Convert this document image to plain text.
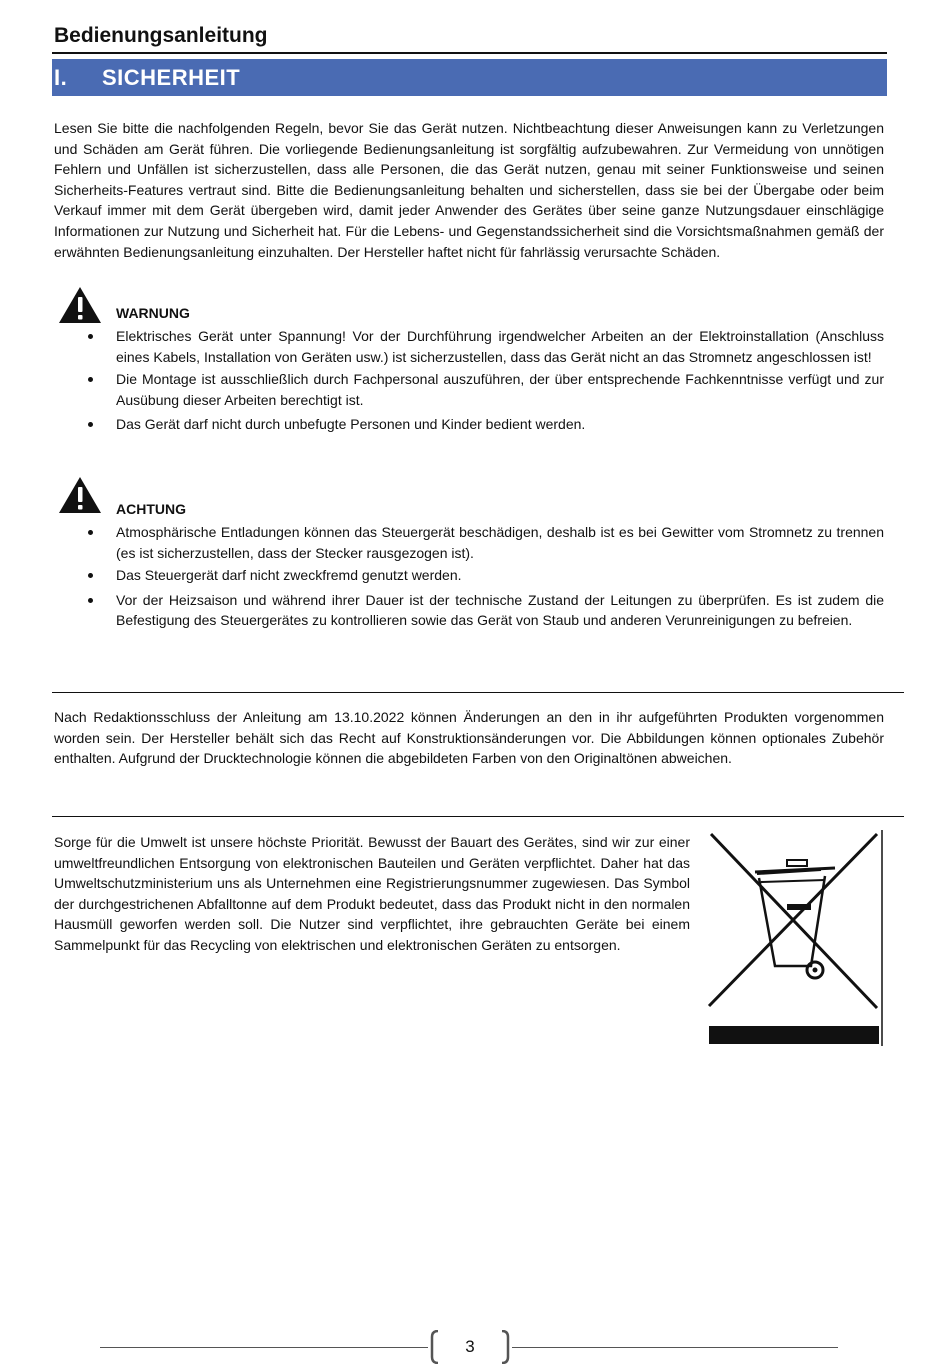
Bedienungsanleitung
I.	SICHERHEIT

Lesen Sie bitte die nachfolgenden Regeln, bevor Sie das Gerät nutzen. Nichtbeachtung dieser Anweisungen kann zu Verletzungen und Schäden am Gerät führen. Die vorliegende Bedienungsanleitung ist sorgfältig aufzubewahren. Zur Vermeidung von unnötigen Fehlern und Unfällen ist sicherzustellen, dass alle Personen, die das Gerät nutzen, genau mit seiner Funktionsweise und seinen Sicherheits-Features vertraut sind. Bitte die Bedienungsanleitung behalten und sicherstellen, dass sie bei der Übergabe oder beim Verkauf immer mit dem Gerät übergeben wird, damit jeder Anwender des Gerätes über seine ganze Nutzungsdauer einschlägige Informationen zur Nutzung und Sicherheit hat. Für die Lebens- und Gegenstandssicherheit sind die Vorsichtsmaßnahmen gemäß der erwähnten Bedienungsanleitung einzuhalten. Der Hersteller haftet nicht für fahrlässig verursachte Schäden.

WARNUNG
Elektrisches Gerät unter Spannung! Vor der Durchführung irgendwelcher Arbeiten an der Elektroinstallation (Anschluss eines Kabels, Installation von Geräten usw.) ist sicherzustellen, dass das Gerät nicht an das Stromnetz angeschlossen ist!
Die Montage ist ausschließlich durch Fachpersonal auszuführen, der über entsprechende Fachkenntnisse verfügt und zur Ausübung dieser Arbeiten berechtigt ist.
Das Gerät darf nicht durch unbefugte Personen und Kinder bedient werden.
ACHTUNG
Atmosphärische Entladungen können das Steuergerät beschädigen, deshalb ist es bei Gewitter vom Stromnetz zu trennen (es ist sicherzustellen, dass der Stecker rausgezogen ist).
Das Steuergerät darf nicht zweckfremd genutzt werden.
Vor der Heizsaison und während ihrer Dauer ist der technische Zustand der Leitungen zu überprüfen. Es ist zudem die Befestigung des Steuergerätes zu kontrollieren sowie das Gerät von Staub und anderen Verunreinigungen zu befreien.

Nach Redaktionsschluss der Anleitung am 13.10.2022 können Änderungen an den in ihr aufgeführten Produkten vorgenommen worden sein. Der Hersteller behält sich das Recht auf Konstruktionsänderungen vor. Die Abbildungen können optionales Zubehör enthalten. Aufgrund der Drucktechnologie können die abgebildeten Farben von den Originaltönen abweichen.

Sorge für die Umwelt ist unsere höchste Priorität. Bewusst der Bauart des Gerätes, sind wir zur einer umweltfreundlichen Entsorgung von elektronischen Bauteilen und Geräten verpflichtet. Daher hat das Umweltschutzministerium uns als Unternehmen eine Registrierungsnummer zugewiesen. Das Symbol der durchgestrichenen Abfalltonne auf dem Produkt bedeutet, dass das Produkt nicht in den normalen Hausmüll geworfen werden soll. Die Nutzer sind verpflichtet, ihre gebrauchten Geräte bei einem Sammelpunkt für das Recycling von elektrischen und elektronischen Geräten zu entsorgen.

3
